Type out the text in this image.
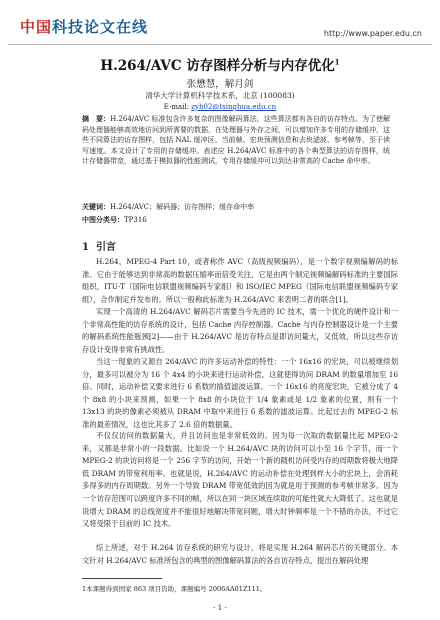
中国科技论文在线	http://www.paper.edu.cn
H.264/AVC 访存图样分析与内存优化$^1$
张懋慧，解月剑
清华大学计算机科学技术系，北京 (100083)
E-mail: zyh02@tsinghua.edu.cn
摘　要：H.264/AVC 标准包含许多复杂的图像解码算法，这些算法都有各自的访存特点。为了使解码处理器能够高效地访问到所需要的数据，在处理器与外存之间，可以增加许多专用的存储缓冲，这些不同算法的访存图样，包括 NAL 缓冲区、当前帧、宏块预测信息和去块滤波、参考帧等，至于读写速度。本文设计了专用的存储缓冲。表述应 H.264/AVC 标准中的各个典型算法的访存图样，统计存储器带宽，通过基于模拟器的性能测试，专用存储缓冲可以到达非常高的 Cache 命中率。
关键词：H.264/AVC；解码器；访存图样；缓存命中率
中图分类号：TP316
1 引言

H.264，MPEG-4 Part 10，或者称作 AVC（高级视频编码），是一个数字视频编解码的标准。它由于能够达到非常高的数据压缩率而倍受关注，它是由两个制定视频编解码标准的主要国际组织，ITU-T（国际电信联盟视频编码专家组）和 ISO/IEC MPEG（国际电信联盟视频编码专家组），合作制定并发布的。所以一般称此标准为 H.264/AVC 来表明二者的联合[1]。

实现一个高清的 H.264/AVC 解码芯片需要当今先进的 IC 技术，需一个优化的硬件设计和一个非常高性能的访存系统的设计，包括 Cache 内存控制器。Cache 与内存控制器设计是一个主要的解码系统性能瓶颈[2]——由于 H.264/AVC 是访存特点是即访问量大，又低效，所以这些存访存设计变得非常有挑战性。

当这一现象的又源自 264/AVC 的许多运动补偿的特性：一个 16x16 的宏块，可以被继续划分，最多可以被分为 16 个 4x4 的小块来进行运动补偿，这就使得访问 DRAM 的数量增加至 16 倍。同时，运动补偿又要求进行 6 系数的插值滤波运算。一个 16x16 的亮度宏块，它被分成了 4 个 8x8 的小块来预测，如果一个 8x8 的小块位于 1/4 象素或是 1/2 象素的位置，则有一个 13x13 的块的像素必须被从 DRAM 中取中来进行 6 系数的滤波运算。比起过去的 MPEG-2 标准的最差情况，这也比其多了 2.6 倍的数据量。

不仅仅访问的数据量大，并且访问也是非常低效的。因为每一次取的数据量比起 MPEG-2 来，又都是非常小的一段数据。比如说一个 H.264/AVC 块的访问可以小至 16 个字节，而一个 MPEG-2 的块访问将是一个 256 字节的访问，开始一个新的随机访问受内存的周期数将极大地降低 DRAM 的带宽利用率。也就是说，H.264/AVC 的运动补偿在处理到样大小的宏块上，会消耗多得多的内存周期数。另外一个导致 DRAM 带宽低效的因为就是用于预测的参考帧非常多。因为一个访存范围可以跨度许多不同的帧，所以在同一块区域连续取的可能性就大大降低了。这也就是说增大 DRAM 的总线宽度并不能很好地解决带宽问题，增大时钟频率是一个不错的办法，不过它又将受限于目前的 IC 技术。

综上所述，对于 H.264 访存系统的研究与设计，将是实现 H.264 解码芯片的关键部分。本文针对 H.264/AVC 标准所包含的典型的图像解码算法的各自访存特点，提出在解码处理

1本课题得到国家 863 项目资助，课题编号 2006AA01Z111。
- 1 -
